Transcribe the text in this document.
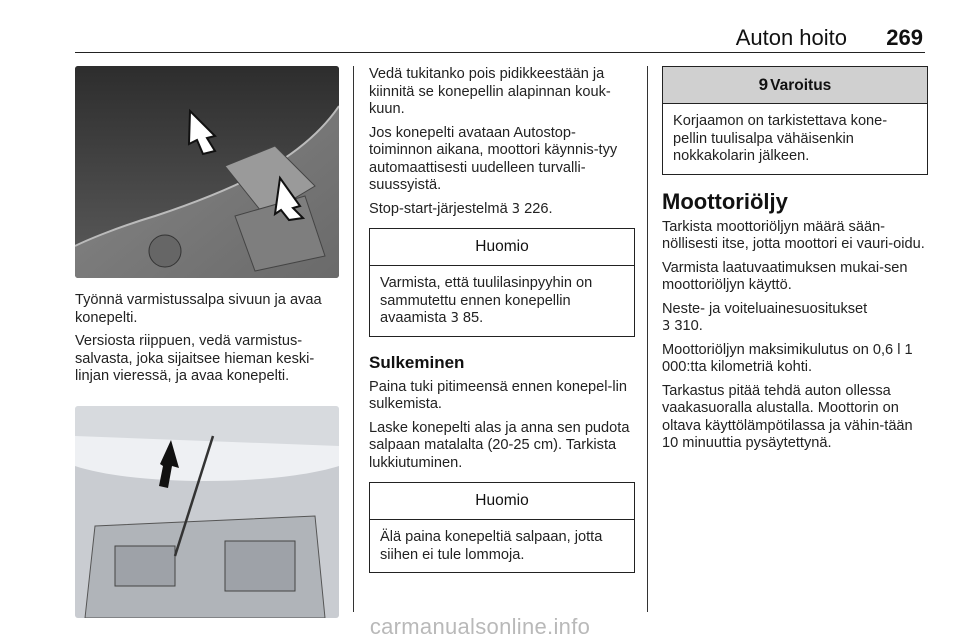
Auton hoito 269

Työnnä varmistussalpa sivuun ja avaa konepelti.

Versiosta riippuen, vedä varmistus-salvasta, joka sijaitsee hieman keski-linjan vieressä, ja avaa konepelti.

Vedä tukitanko pois pidikkeestään ja kiinnitä se konepellin alapinnan kouk-kuun.

Jos konepelti avataan Autostop-toiminnon aikana, moottori käynnis-tyy automaattisesti uudelleen turvalli-suussyistä.

Stop-start-järjestelmä 3 226.

Huomio

Varmista, että tuulilasinpyyhin on sammutettu ennen konepellin avaamista 3 85.

Sulkeminen

Paina tuki pitimeensä ennen konepel-lin sulkemista.

Laske konepelti alas ja anna sen pudota salpaan matalalta (20-25 cm). Tarkista lukkiutuminen.

Huomio

Älä paina konepeltiä salpaan, jotta siihen ei tule lommoja.

9 Varoitus

Korjaamon on tarkistettava kone-pellin tuulisalpa vähäisenkin nokkakolarin jälkeen.

Moottoriöljy

Tarkista moottoriöljyn määrä sään-nöllisesti itse, jotta moottori ei vauri-oidu.

Varmista laatuvaatimuksen mukai-sen moottoriöljyn käyttö.

Neste- ja voiteluainesuositukset
3 310.

Moottoriöljyn maksimikulutus on 0,6 l 1 000:tta kilometriä kohti.

Tarkastus pitää tehdä auton ollessa vaakasuoralla alustalla. Moottorin on oltava käyttölämpötilassa ja vähin-tään 10 minuuttia pysäytettynä.

carmanualsonline.info
